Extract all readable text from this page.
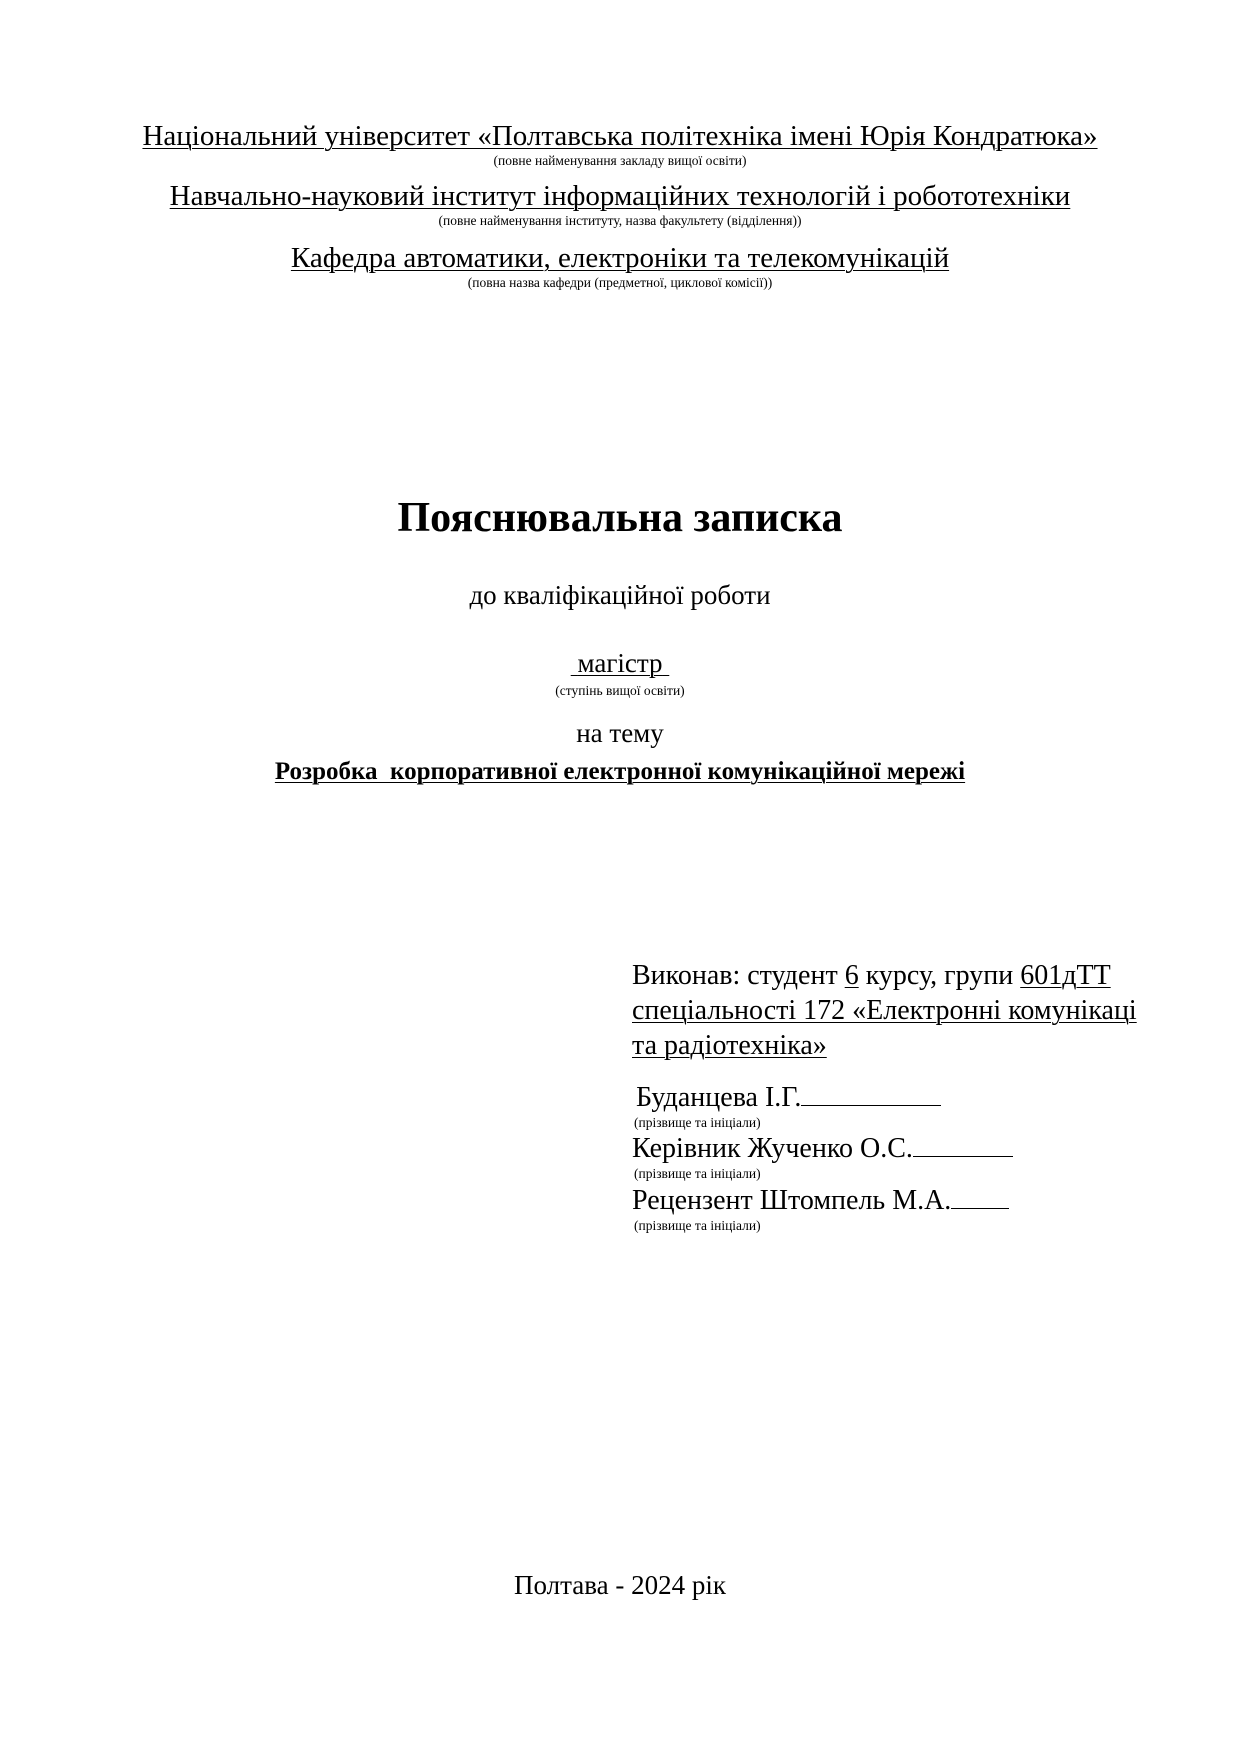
Національний університет «Полтавська політехніка імені Юрія Кондратюка»
(повне найменування закладу вищої освіти)
Навчально-науковий інститут інформаційних технологій і робототехніки
(повне найменування інституту, назва факультету (відділення))
Кафедра автоматики, електроніки та телекомунікацій
(повна назва кафедри (предметної, циклової комісії))
Пояснювальна записка
до кваліфікаційної роботи
магістр
(ступінь вищої освіти)
на тему
Розробка  корпоративної електронної комунікаційної мережі
Виконав: студент 6 курсу, групи 601дТТ
спеціальності 172 «Електронні комунікаці
та радіотехніка»
Буданцева І.Г.
(прізвище та ініціали)
Керівник Жученко О.С.
(прізвище та ініціали)
Рецензент Штомпель М.А.
(прізвище та ініціали)
Полтава - 2024 рік
